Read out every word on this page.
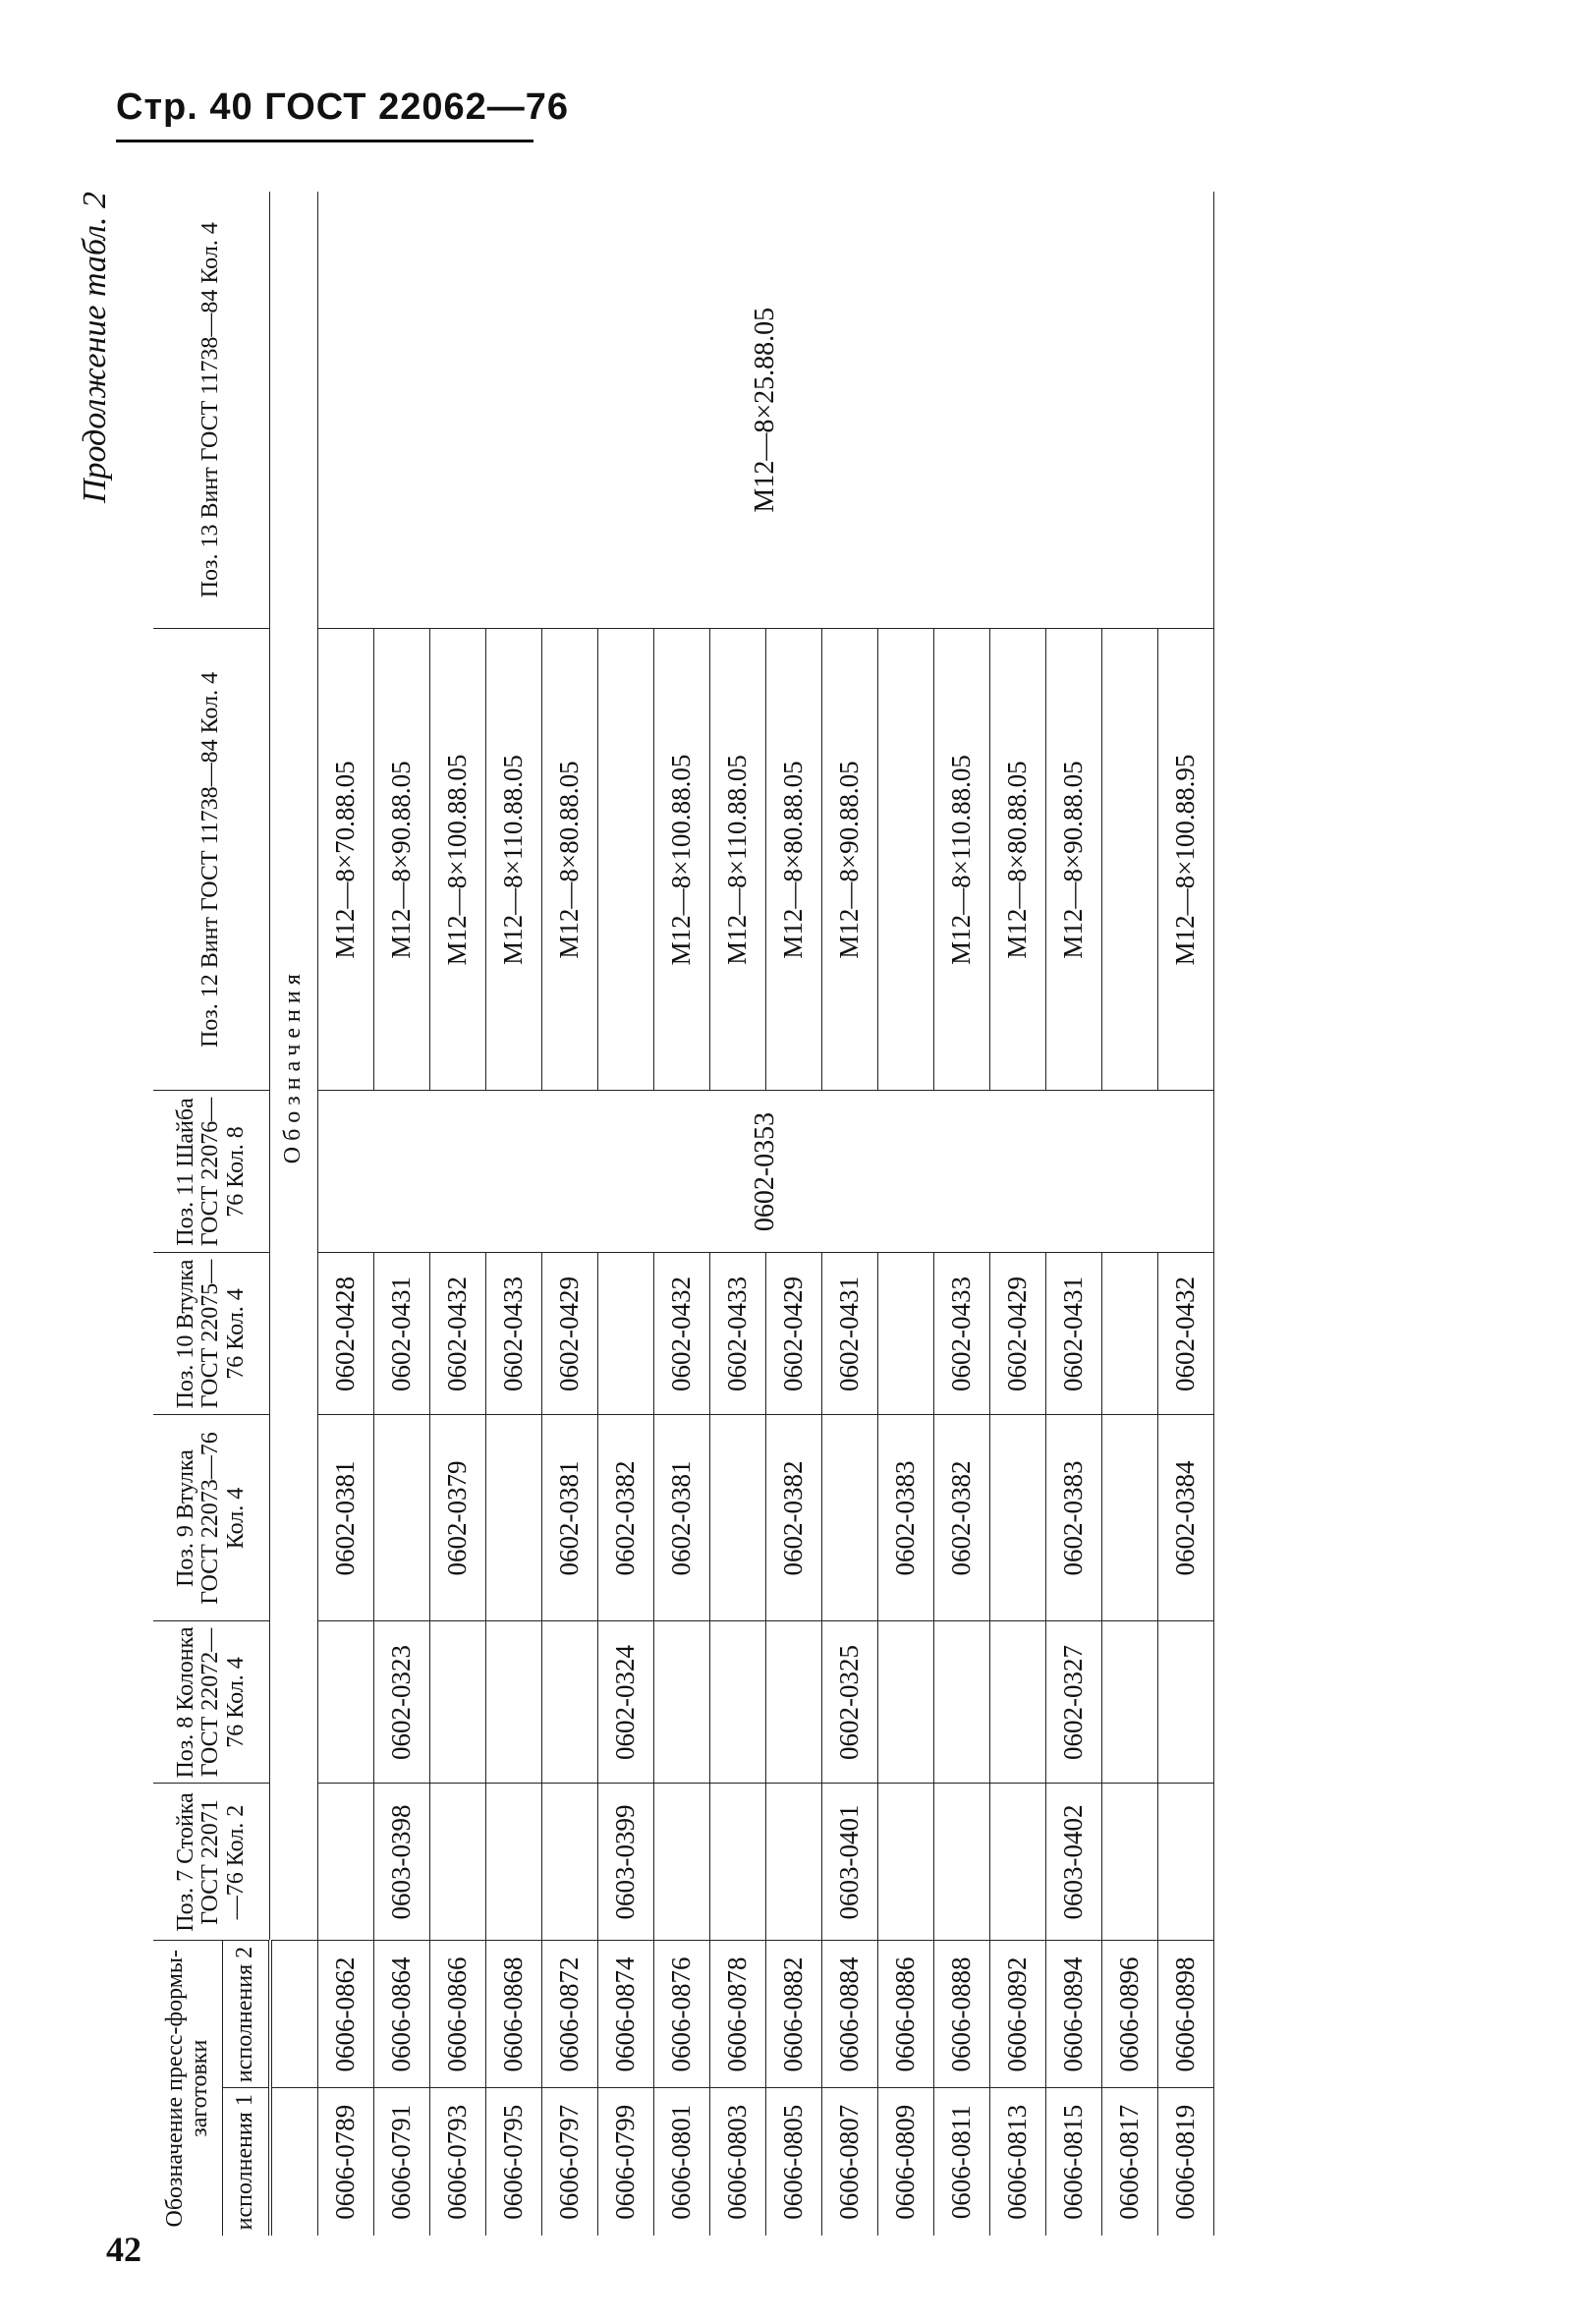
Стр. 40 ГОСТ 22062—76
Продолжение табл. 2
Обозначение пресс-формы-заготовки		Поз. 7 Стойка ГОСТ 22071—76 Кол. 2	Поз. 8 Колонка ГОСТ 22072—76 Кол. 4	Поз. 9 Втулка ГОСТ 22073—76 Кол. 4	Поз. 10 Втулка ГОСТ 22075—76 Кол. 4	Поз. 11 Шайба ГОСТ 22076—76 Кол. 8	Поз. 12 Винт ГОСТ 11738—84 Кол. 4	Поз. 13 Винт ГОСТ 11738—84 Кол. 4
исполнения 1	исполнения 2							
		Обозначения						
0606-0789	0606-0862			0602-0381	0602-0428	0602-0353	М12—8×70.88.05	М12—8×25.88.05
0606-0791	0606-0864	0603-0398	0602-0323		0602-0431		М12—8×90.88.05	
0606-0793	0606-0866			0602-0379	0602-0432		М12—8×100.88.05	
0606-0795	0606-0868				0602-0433		М12—8×110.88.05	
0606-0797	0606-0872			0602-0381	0602-0429		М12—8×80.88.05	
0606-0799	0606-0874	0603-0399	0602-0324	0602-0382				
0606-0801	0606-0876			0602-0381	0602-0432		М12—8×100.88.05	
0606-0803	0606-0878				0602-0433		М12—8×110.88.05	
0606-0805	0606-0882			0602-0382	0602-0429		М12—8×80.88.05	
0606-0807	0606-0884	0603-0401	0602-0325		0602-0431		М12—8×90.88.05	
0606-0809	0606-0886			0602-0383				
0606-0811	0606-0888			0602-0382	0602-0433		М12—8×110.88.05	
0606-0813	0606-0892				0602-0429		М12—8×80.88.05	
0606-0815	0606-0894	0603-0402	0602-0327	0602-0383	0602-0431		М12—8×90.88.05	
0606-0817	0606-0896							
0606-0819	0606-0898			0602-0384	0602-0432		М12—8×100.88.95	
42
